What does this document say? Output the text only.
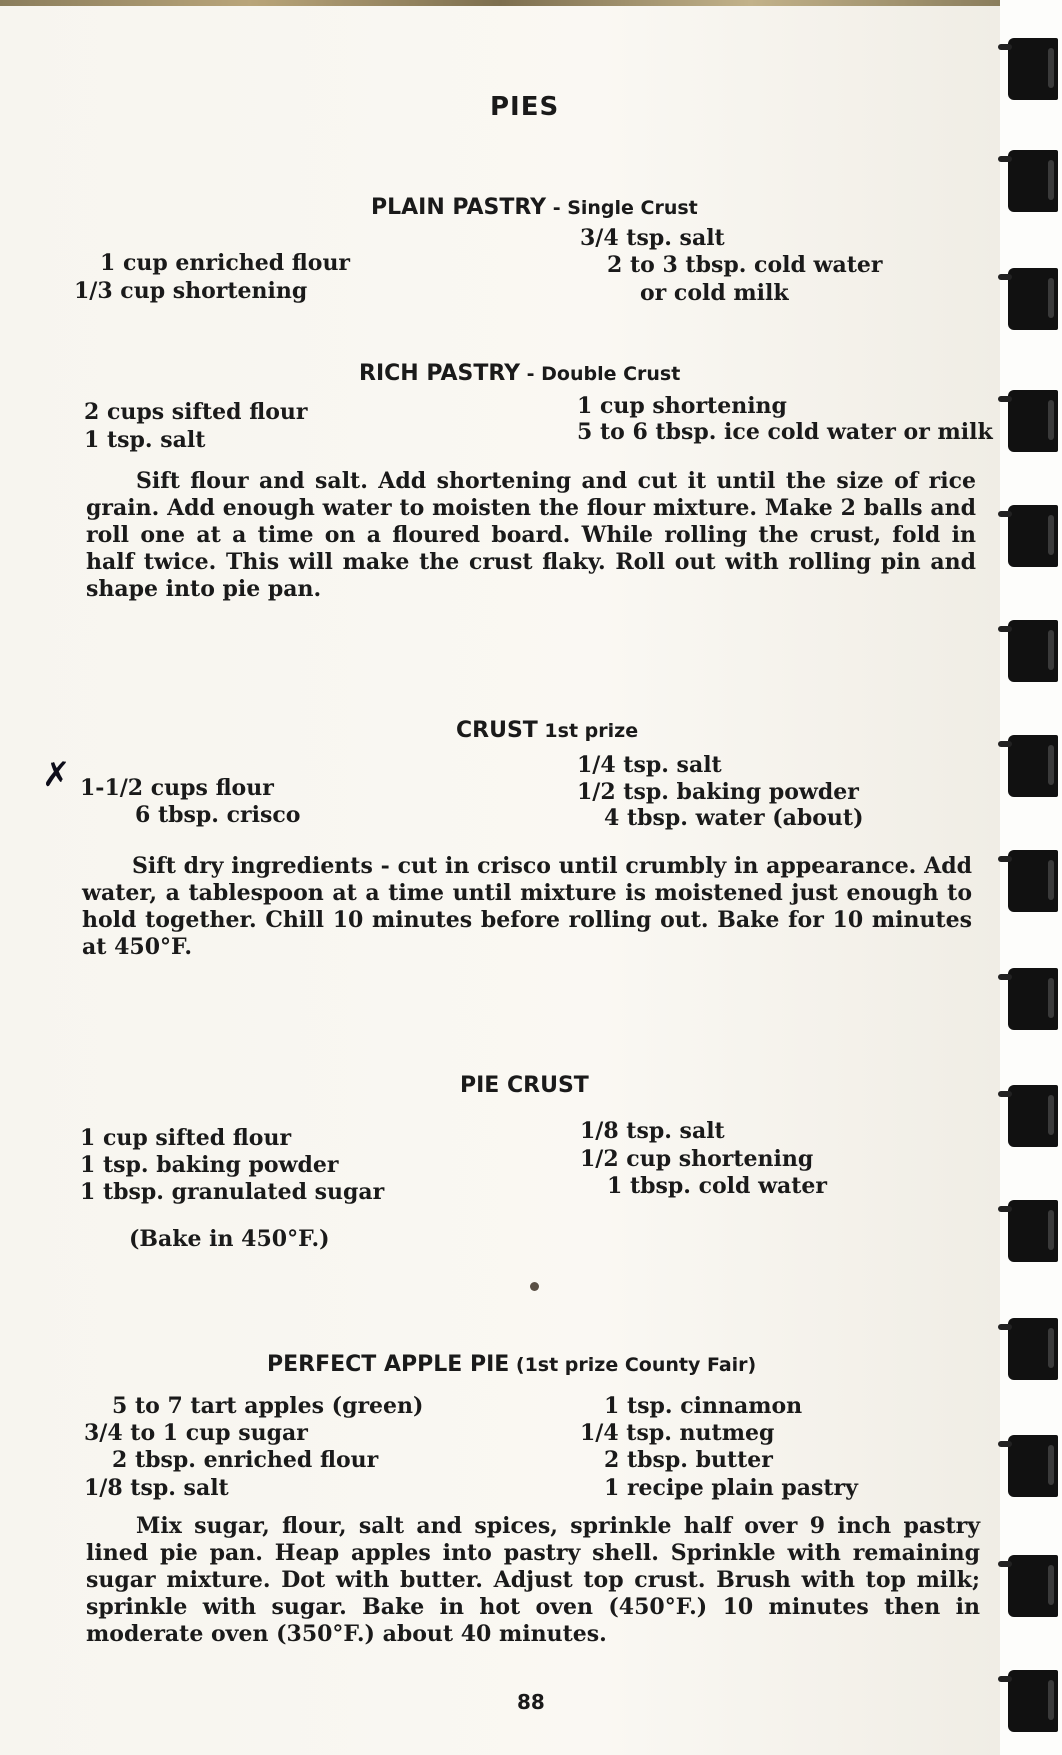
PIES
PLAIN PASTRY - Single Crust
1 cup enriched flour
1/3 cup shortening
3/4 tsp. salt
2 to 3 tbsp. cold water
or cold milk
RICH PASTRY - Double Crust
2 cups sifted flour
1 tsp. salt
1 cup shortening
5 to 6 tbsp. ice cold water or milk
Sift flour and salt. Add shortening and cut it until the size of rice grain. Add enough water to moisten the flour mixture. Make 2 balls and roll one at a time on a floured board. While rolling the crust, fold in half twice. This will make the crust flaky. Roll out with rolling pin and shape into pie pan.
CRUST 1st prize
✗ 1-1/2 cups flour
6 tbsp. crisco
1/4 tsp. salt
1/2 tsp. baking powder
4 tbsp. water (about)
Sift dry ingredients - cut in crisco until crumbly in appearance. Add water, a tablespoon at a time until mixture is moistened just enough to hold together. Chill 10 minutes before rolling out. Bake for 10 minutes at 450°F.
PIE CRUST
1 cup sifted flour
1 tsp. baking powder
1 tbsp. granulated sugar
1/8 tsp. salt
1/2 cup shortening
1 tbsp. cold water
(Bake in 450°F.)
PERFECT APPLE PIE (1st prize County Fair)
5 to 7 tart apples (green)
3/4 to 1 cup sugar
2 tbsp. enriched flour
1/8 tsp. salt
1 tsp. cinnamon
1/4 tsp. nutmeg
2 tbsp. butter
1 recipe plain pastry
Mix sugar, flour, salt and spices, sprinkle half over 9 inch pastry lined pie pan. Heap apples into pastry shell. Sprinkle with remaining sugar mixture. Dot with butter. Adjust top crust. Brush with top milk; sprinkle with sugar. Bake in hot oven (450°F.) 10 minutes then in moderate oven (350°F.) about 40 minutes.
88
